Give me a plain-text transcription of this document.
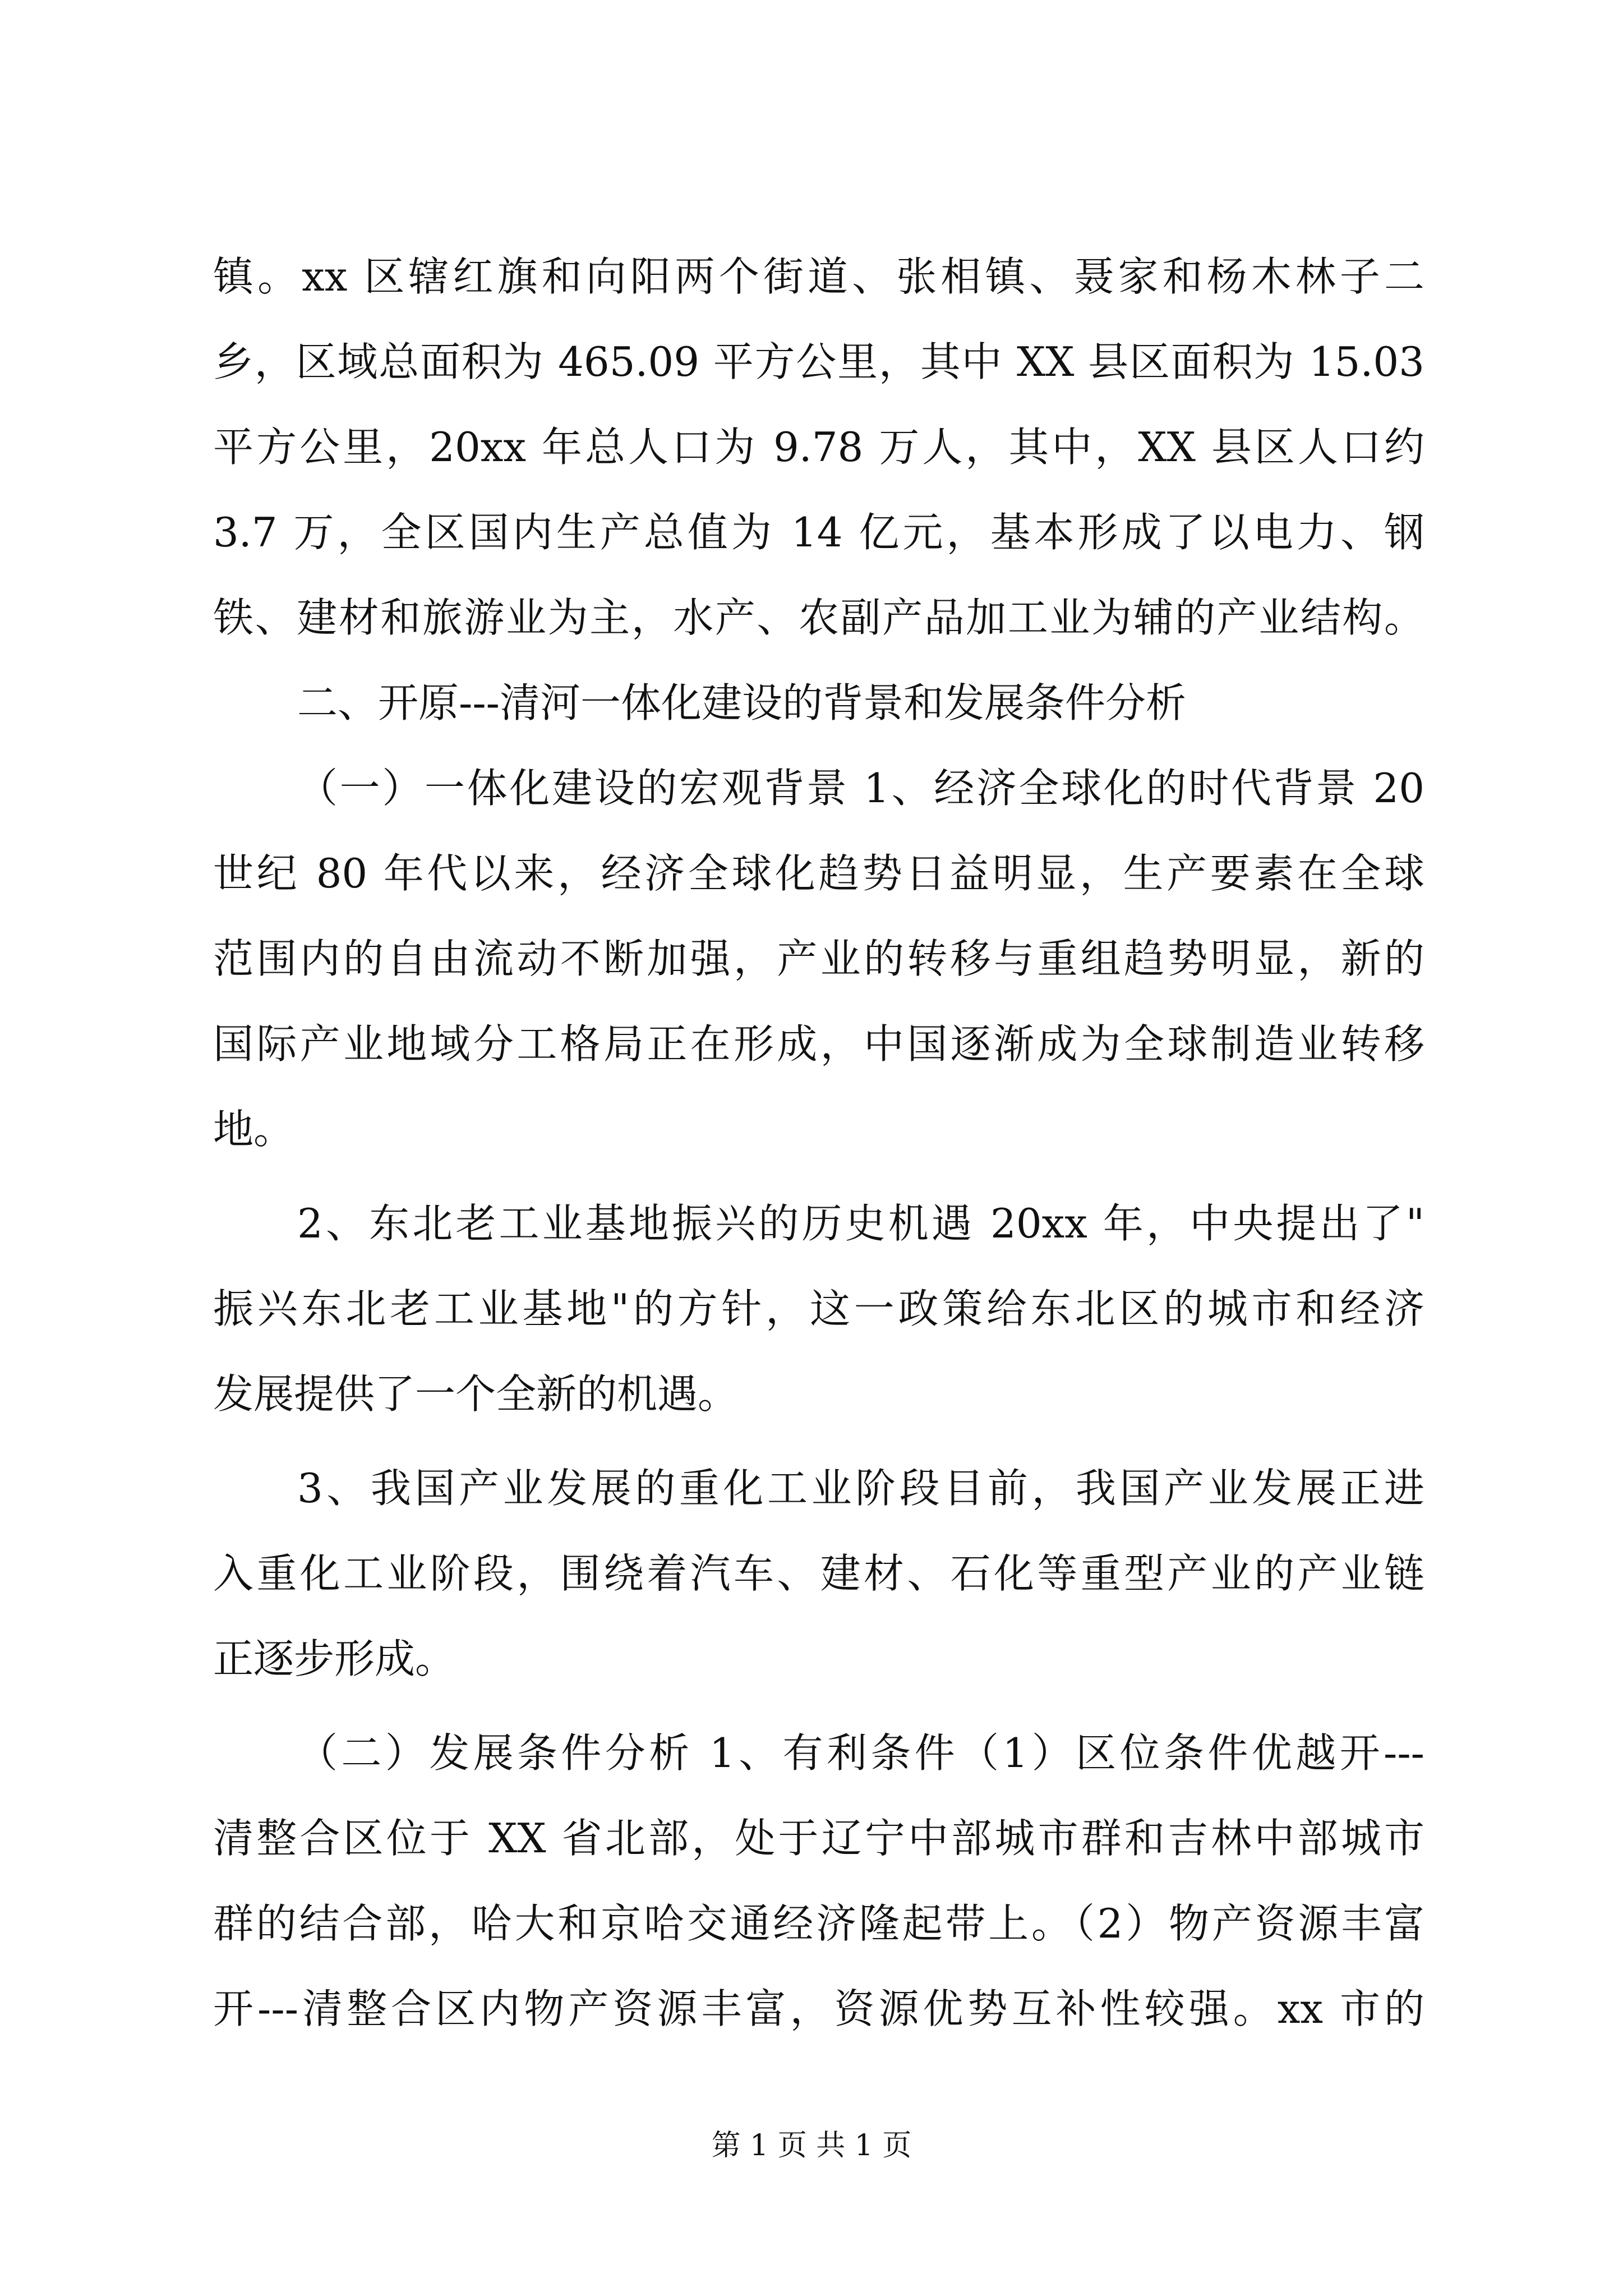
镇。xx 区辖红旗和向阳两个街道、张相镇、聂家和杨木林子二
乡，区域总面积为 465.09 平方公里，其中 XX 县区面积为 15.03
平方公里，20xx 年总人口为 9.78 万人，其中，XX 县区人口约
3.7 万，全区国内生产总值为 14 亿元，基本形成了以电力、钢
铁、建材和旅游业为主，水产、农副产品加工业为辅的产业结构。
二、开原---清河一体化建设的背景和发展条件分析
（一）一体化建设的宏观背景 1、经济全球化的时代背景 20
世纪 80 年代以来，经济全球化趋势日益明显，生产要素在全球
范围内的自由流动不断加强，产业的转移与重组趋势明显，新的
国际产业地域分工格局正在形成，中国逐渐成为全球制造业转移
地。
2、东北老工业基地振兴的历史机遇 20xx 年，中央提出了"
振兴东北老工业基地"的方针，这一政策给东北区的城市和经济
发展提供了一个全新的机遇。
3、我国产业发展的重化工业阶段目前，我国产业发展正进
入重化工业阶段，围绕着汽车、建材、石化等重型产业的产业链
正逐步形成。
（二）发展条件分析 1、有利条件（1）区位条件优越开---
清整合区位于 XX 省北部，处于辽宁中部城市群和吉林中部城市
群的结合部，哈大和京哈交通经济隆起带上。（2）物产资源丰富
开---清整合区内物产资源丰富，资源优势互补性较强。xx 市的
第 1 页 共 1 页
